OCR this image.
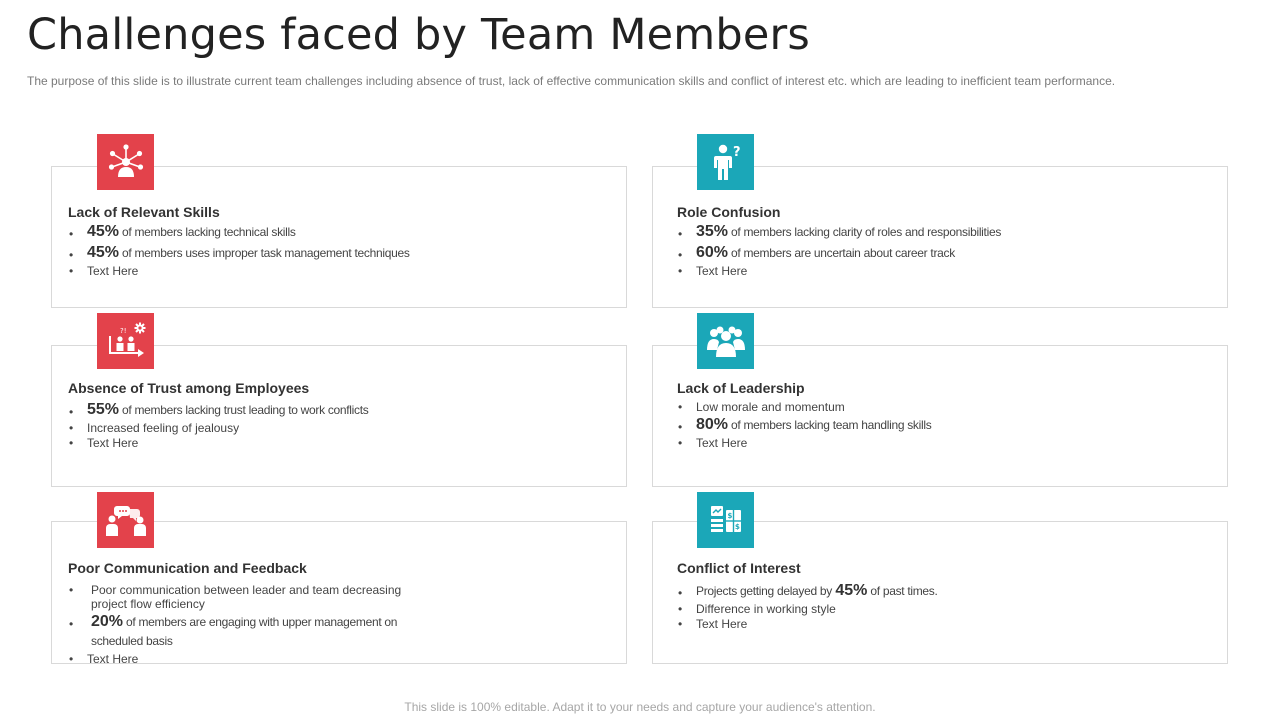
Challenges faced by Team Members

The purpose of this slide is to illustrate current team challenges including absence of trust, lack of effective communication skills and conflict of interest etc. which are leading to inefficient team performance.

• 45% of members lacking technical skills
• 45% of members uses improper task management techniques
• Text Here
Lack of Relevant Skills	Role Confusion
• 35% of members lacking clarity of roles and responsibilities
• 60% of members are uncertain about career track
• Text Here
?
Absence of Trust among Employees
• 55% of members lacking trust leading to work conflicts
• Increased feeling of jealousy
• Text Here
?!
Lack of Leadership
• Low morale and momentum
• 80% of members lacking team handling skills
• Text Here
Poor Communication and Feedback
• Poor communication between leader and team decreasing
project flow efficiency
• 20% of members are engaging with upper management on
scheduled basis
• Text Here
Conflict of Interest
• Projects getting delayed by 45% of past times.
• Difference in working style
• Text Here
$
$
This slide is 100% editable. Adapt it to your needs and capture your audience's attention.
